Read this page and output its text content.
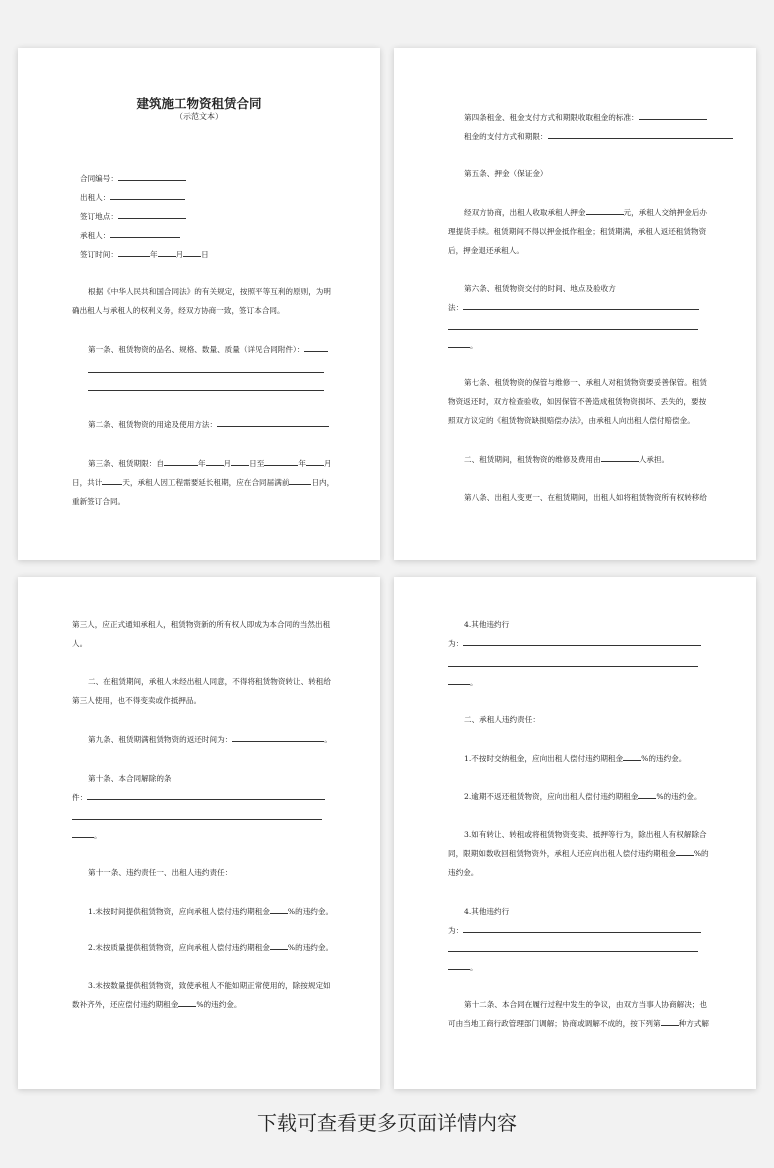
建筑施工物资租赁合同
（示范文本）
合同编号：
出租人：
签订地点：
承租人：
签订时间：	年 月 日
根据《中华人民共和国合同法》的有关规定，按照平等互利的原则，为明
确出租人与承租人的权利义务，经双方协商一致，签订本合同。
第一条、租赁物资的品名、规格、数量、质量（详见合同附件）：
第二条、租赁物资的用途及使用方法：
第三条、租赁期限：自	年 月 日至	年 月
日，共计	天，承租人因工程需要延长租期，应在合同届满前	日内，
重新签订合同。
第四条租金、租金支付方式和期限收取租金的标准：
租金的支付方式和期限：
第五条、押金（保证金）
经双方协商，出租人收取承租人押金	元，承租人交纳押金后办
理提货手续。租赁期间不得以押金抵作租金；租赁期满，承租人返还租赁物资
后，押金退还承租人。
第六条、租赁物资交付的时间、地点及验收方
法：
。
第七条、租赁物资的保管与维修一、承租人对租赁物资要妥善保管。租赁
物资返还时，双方检查验收，如因保管不善造成租赁物资损坏、丢失的，要按
照双方议定的《租赁物资缺损赔偿办法》，由承租人向出租人偿付赔偿金。
二、租赁期间，租赁物资的维修及费用由	人承担。
第八条、出租人变更一、在租赁期间，出租人如将租赁物资所有权转移给
第三人，应正式通知承租人，租赁物资新的所有权人即成为本合同的当然出租
人。
二、在租赁期间，承租人未经出租人同意，不得将租赁物资转让、转租给
第三人使用，也不得变卖或作抵押品。
第九条、租赁期满租赁物资的返还时间为：	。
第十条、本合同解除的条
件：
。
第十一条、违约责任一、出租人违约责任：
1.未按时间提供租赁物资，应向承租人偿付违约期租金 %的违约金。
2.未按质量提供租赁物资，应向承租人偿付违约期租金 %的违约金。
3.未按数量提供租赁物资，致使承租人不能如期正常使用的，除按规定如
数补齐外，还应偿付违约期租金 %的违约金。
4.其他违约行
为：
。
二、承租人违约责任：
1.不按时交纳租金，应向出租人偿付违约期租金 %的违约金。
2.逾期不返还租赁物资，应向出租人偿付违约期租金 %的违约金。
3.如有转让、转租或将租赁物资变卖、抵押等行为，除出租人有权解除合
同，限期如数收回租赁物资外，承租人还应向出租人偿付违约期租金 %的
违约金。
4.其他违约行
为：
。
第十二条、本合同在履行过程中发生的争议，由双方当事人协商解决；也
可由当地工商行政管理部门调解；协商或调解不成的，按下列第 种方式解
下载可查看更多页面详情内容
